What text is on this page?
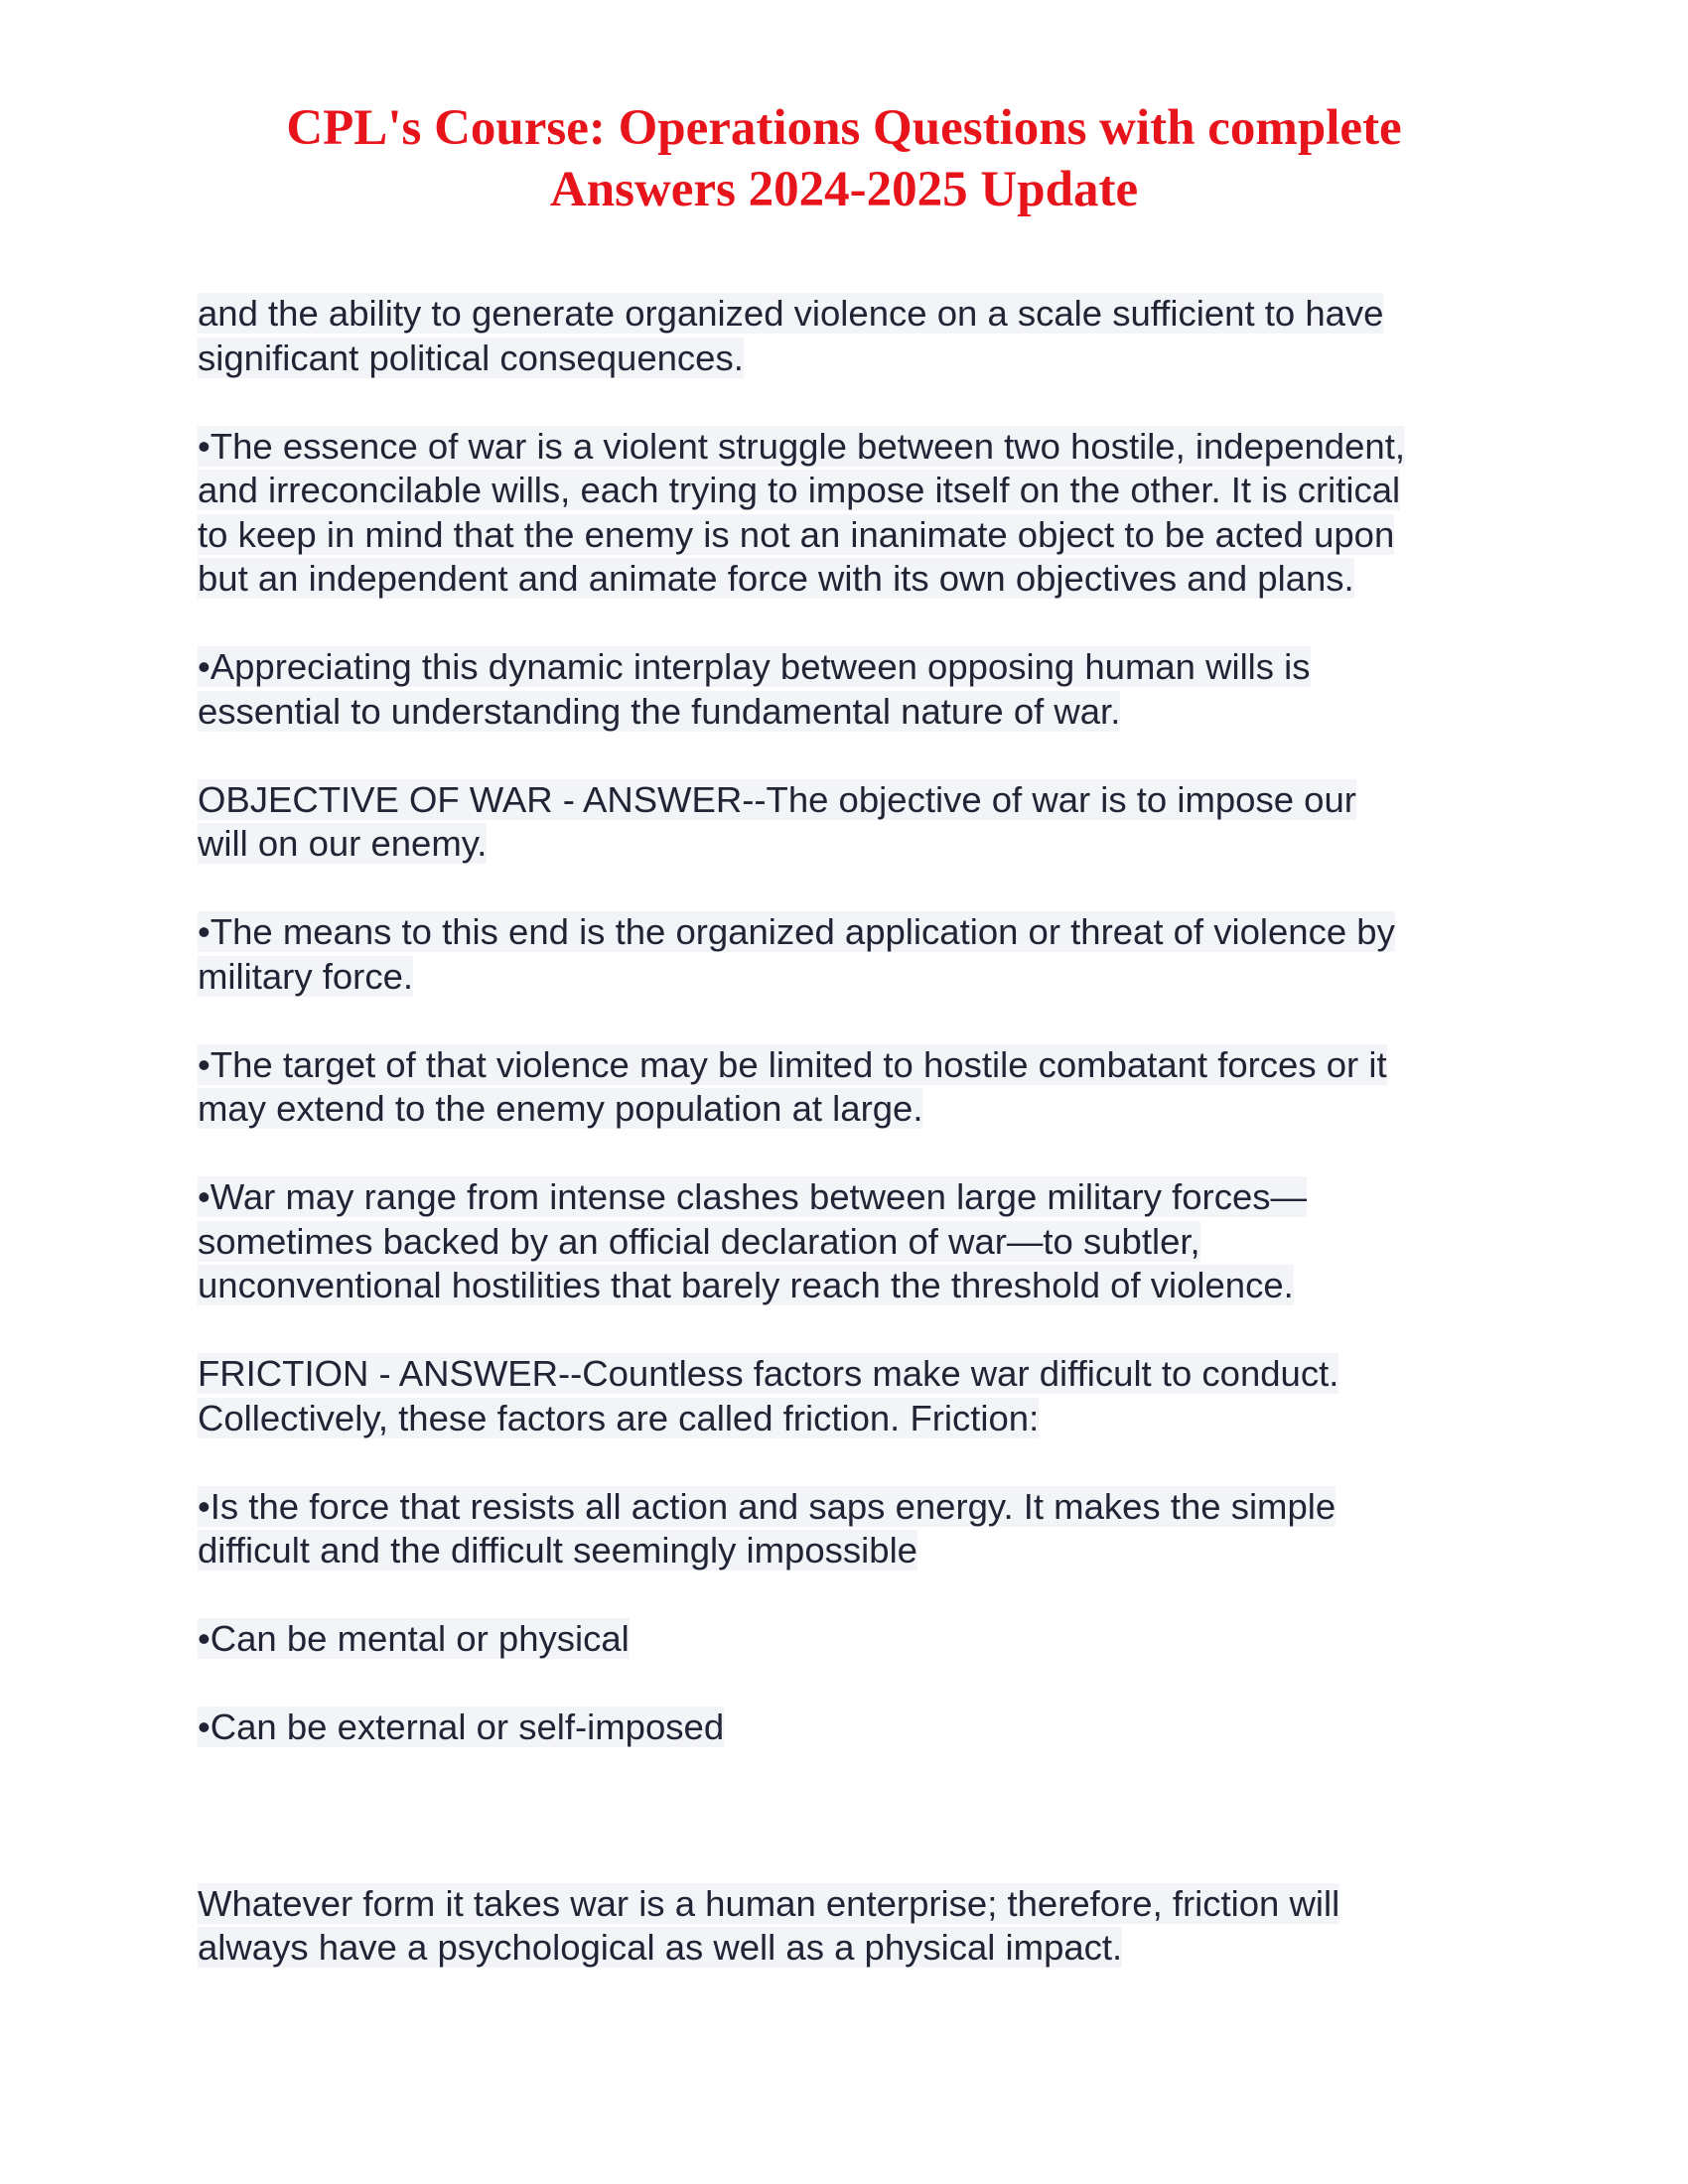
CPL's Course: Operations Questions with complete
Answers 2024-2025 Update
and the ability to generate organized violence on a scale sufficient to have
significant political consequences.
•The essence of war is a violent struggle between two hostile, independent,
and irreconcilable wills, each trying to impose itself on the other. It is critical
to keep in mind that the enemy is not an inanimate object to be acted upon
but an independent and animate force with its own objectives and plans.
•Appreciating this dynamic interplay between opposing human wills is
essential to understanding the fundamental nature of war.
OBJECTIVE OF WAR - ANSWER--The objective of war is to impose our
will on our enemy.
•The means to this end is the organized application or threat of violence by
military force.
•The target of that violence may be limited to hostile combatant forces or it
may extend to the enemy population at large.
•War may range from intense clashes between large military forces—
sometimes backed by an official declaration of war—to subtler,
unconventional hostilities that barely reach the threshold of violence.
FRICTION - ANSWER--Countless factors make war difficult to conduct.
Collectively, these factors are called friction. Friction:
•Is the force that resists all action and saps energy. It makes the simple
difficult and the difficult seemingly impossible
•Can be mental or physical
•Can be external or self-imposed
Whatever form it takes war is a human enterprise; therefore, friction will
always have a psychological as well as a physical impact.
